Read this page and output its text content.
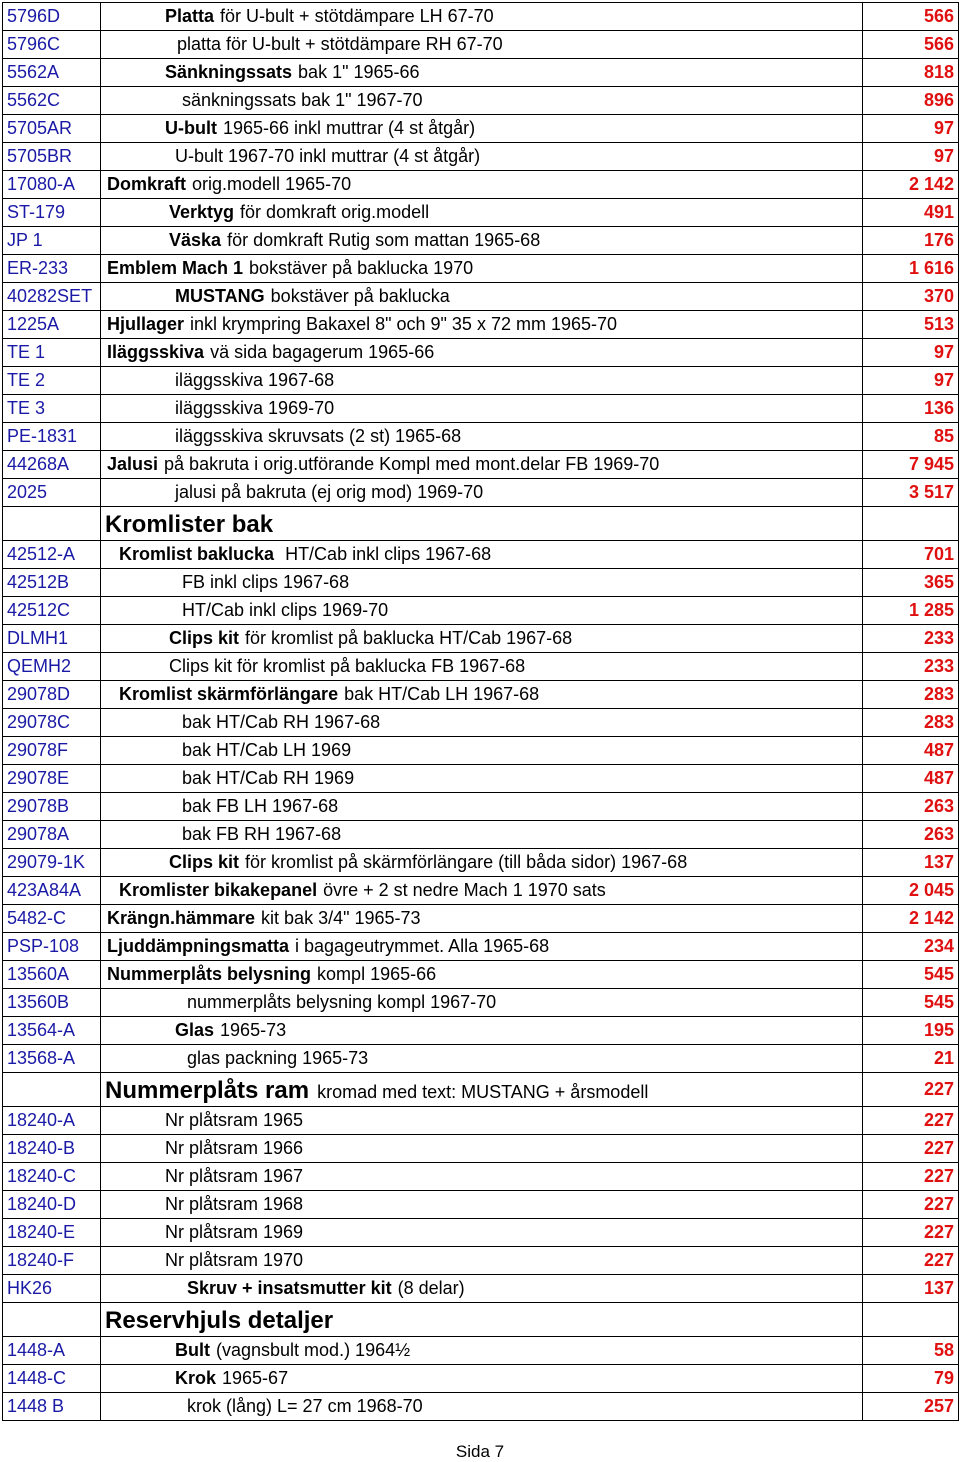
5796D	Platta för U-bult + stötdämpare LH 67-70	566
5796C	platta för U-bult + stötdämpare RH 67-70	566
5562A	Sänkningssats bak 1" 1965-66	818
5562C	sänkningssats bak 1" 1967-70	896
5705AR	U-bult 1965-66 inkl muttrar (4 st åtgår)	97
5705BR	U-bult 1967-70 inkl muttrar (4 st åtgår)	97
17080-A	Domkraft orig.modell 1965-70	2 142
ST-179	Verktyg för domkraft orig.modell	491
JP 1	Väska för domkraft Rutig som mattan 1965-68	176
ER-233	Emblem Mach 1 bokstäver på baklucka 1970	1 616
40282SET	MUSTANG bokstäver på baklucka	370
1225A	Hjullager inkl krympring Bakaxel 8" och 9" 35 x 72 mm 1965-70	513
TE 1	Iläggsskiva vä sida bagagerum 1965-66	97
TE 2	iläggsskiva 1967-68	97
TE 3	iläggsskiva 1969-70	136
PE-1831	iläggsskiva skruvsats (2 st) 1965-68	85
44268A	Jalusi på bakruta i orig.utförande Kompl med mont.delar FB 1969-70	7 945
2025	jalusi på bakruta (ej orig mod) 1969-70	3 517
	Kromlister bak	
42512-A	Kromlist baklucka HT/Cab inkl clips 1967-68	701
42512B	FB inkl clips 1967-68	365
42512C	HT/Cab inkl clips 1969-70	1 285
DLMH1	Clips kit för kromlist på baklucka HT/Cab 1967-68	233
QEMH2	Clips kit för kromlist på baklucka FB 1967-68	233
29078D	Kromlist skärmförlängare bak HT/Cab LH 1967-68	283
29078C	bak HT/Cab RH 1967-68	283
29078F	bak HT/Cab LH 1969	487
29078E	bak HT/Cab RH 1969	487
29078B	bak FB LH 1967-68	263
29078A	bak FB RH 1967-68	263
29079-1K	Clips kit för kromlist på skärmförlängare (till båda sidor) 1967-68	137
423A84A	Kromlister bikakepanel övre + 2 st nedre Mach 1 1970 sats	2 045
5482-C	Krängn.hämmare kit bak 3/4" 1965-73	2 142
PSP-108	Ljuddämpningsmatta i bagageutrymmet. Alla 1965-68	234
13560A	Nummerplåts belysning kompl 1965-66	545
13560B	nummerplåts belysning kompl 1967-70	545
13564-A	Glas 1965-73	195
13568-A	glas packning 1965-73	21
	Nummerplåts ram kromad med text: MUSTANG + årsmodell	227
18240-A	Nr plåtsram 1965	227
18240-B	Nr plåtsram 1966	227
18240-C	Nr plåtsram 1967	227
18240-D	Nr plåtsram 1968	227
18240-E	Nr plåtsram 1969	227
18240-F	Nr plåtsram 1970	227
HK26	Skruv + insatsmutter kit (8 delar)	137
	Reservhjuls detaljer	
1448-A	Bult (vagnsbult mod.) 1964½	58
1448-C	Krok 1965-67	79
1448 B	krok (lång) L= 27 cm 1968-70	257
Sida 7
